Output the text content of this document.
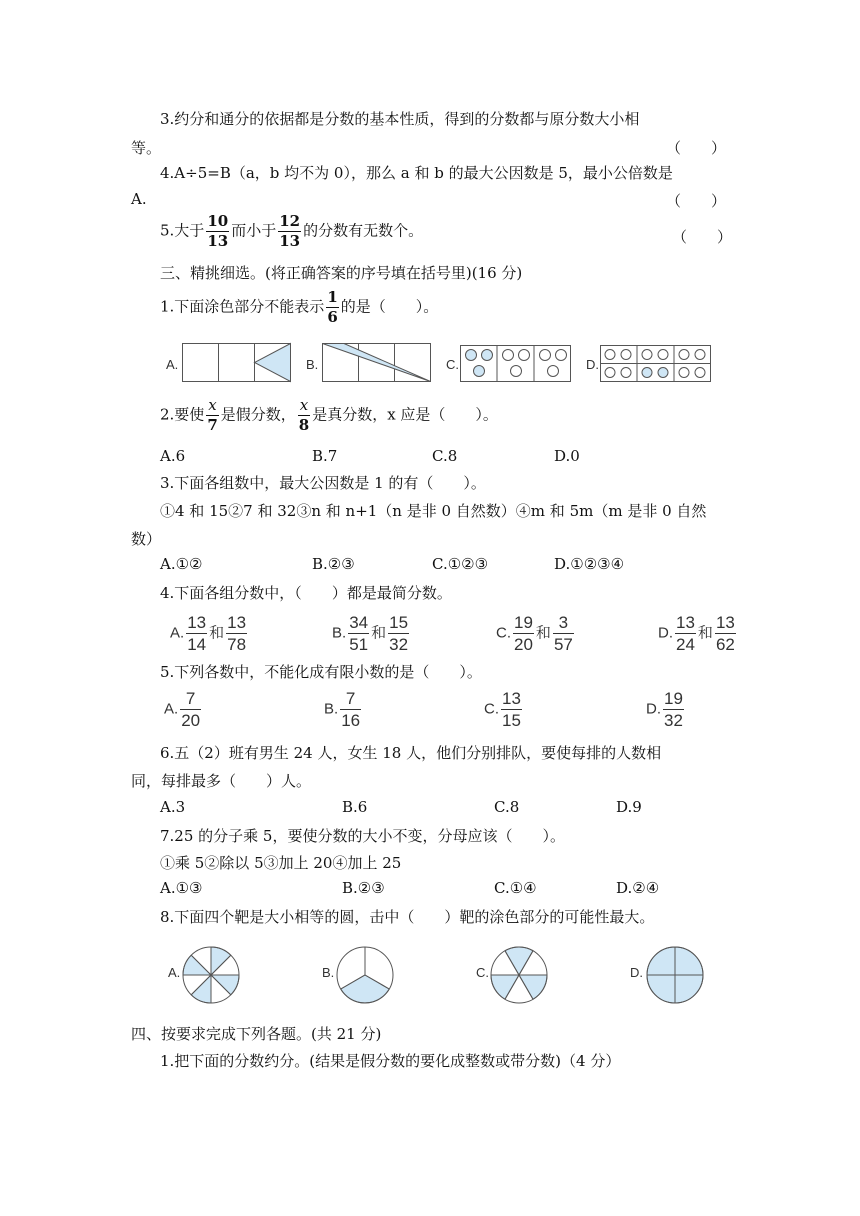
3.约分和通分的依据都是分数的基本性质，得到的分数都与原分数大小相
等。	（　　）
4.A÷5=B（a，b 均不为 0），那么 a 和 b 的最大公因数是 5，最小公倍数是
A.	（　　）
5.大于 $\frac{10}{13}$ 而小于 $\frac{12}{13}$ 的分数有无数个。	（　　）
三、精挑细选。(将正确答案的序号填在括号里)(16 分)
1.下面涂色部分不能表示 $\frac{1}{6}$ 的是（　　）。
A.	B.	C.	D.
2.要使 $\frac{x}{7}$ 是假分数， $\frac{x}{8}$ 是真分数，x 应是（　　）。
A.6	B.7	C.8	D.0
3.下面各组数中，最大公因数是 1 的有（　　）。
①4 和 15②7 和 32③n 和 n+1（n 是非 0 自然数）④m 和 5m（m 是非 0 自然
数）
A.①②	B.②③	C.①②③	D.①②③④
4.下面各组分数中，（　　）都是最简分数。
A. $\frac{13}{14}$ 和 $\frac{13}{78}$	B. $\frac{34}{51}$ 和 $\frac{15}{32}$	C. $\frac{19}{20}$ 和 $\frac{3}{57}$	D. $\frac{13}{24}$ 和 $\frac{13}{62}$
5.下列各数中，不能化成有限小数的是（　　）。
A. $\frac{7}{20}$	B. $\frac{7}{16}$	C. $\frac{13}{15}$	D. $\frac{19}{32}$
6.五（2）班有男生 24 人，女生 18 人，他们分别排队，要使每排的人数相
同，每排最多（　　）人。
A.3	B.6	C.8	D.9
7.25 的分子乘 5，要使分数的大小不变，分母应该（　　）。
①乘 5②除以 5③加上 20④加上 25
A.①③	B.②③	C.①④	D.②④
8.下面四个靶是大小相等的圆，击中（　　）靶的涂色部分的可能性最大。
A.	B.	C.	D.
四、按要求完成下列各题。(共 21 分)
1.把下面的分数约分。(结果是假分数的要化成整数或带分数)（4 分）
